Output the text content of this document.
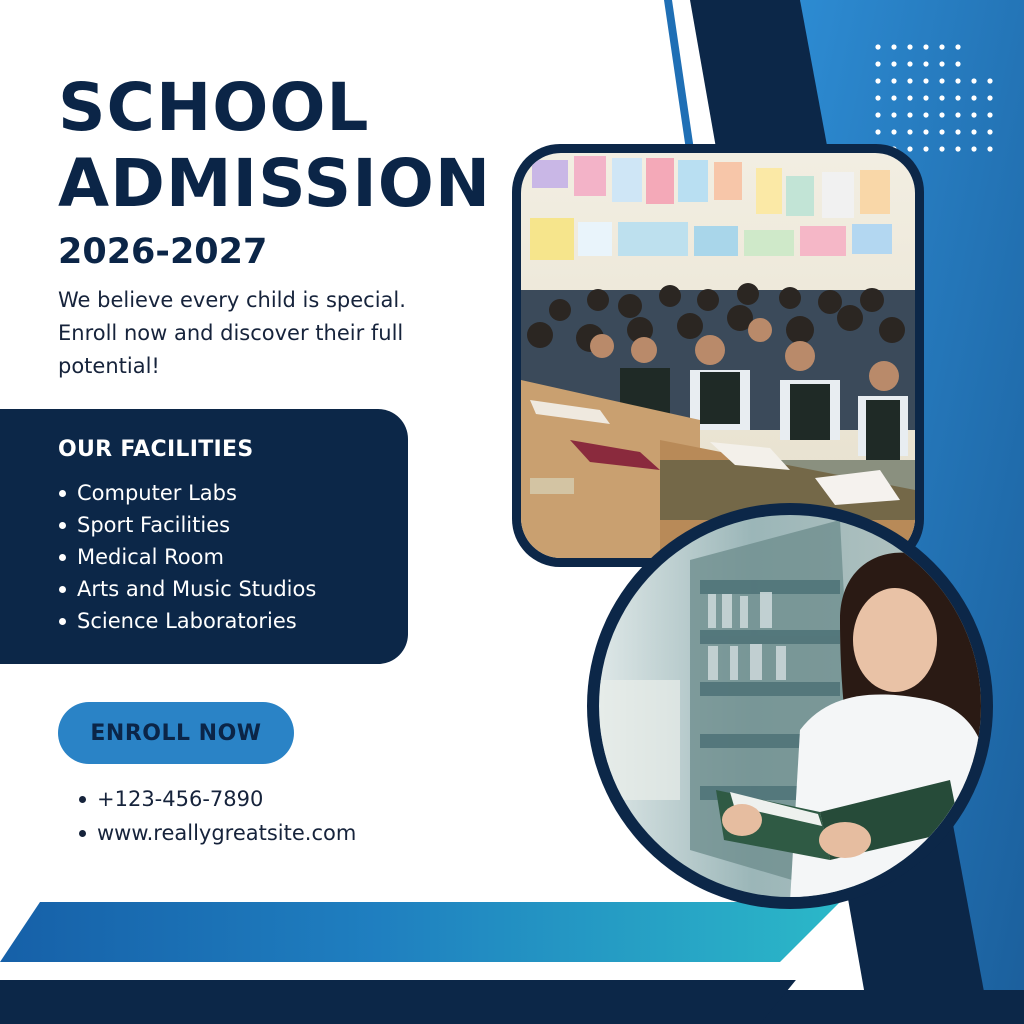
SCHOOL
ADMISSION

2026-2027

We believe every child is special. Enroll now and discover their full potential!

OUR FACILITIES
Computer Labs
Sport Facilities
Medical Room
Arts and Music Studios
Science Laboratories
ENROLL NOW
+123-456-7890
www.reallygreatsite.com
